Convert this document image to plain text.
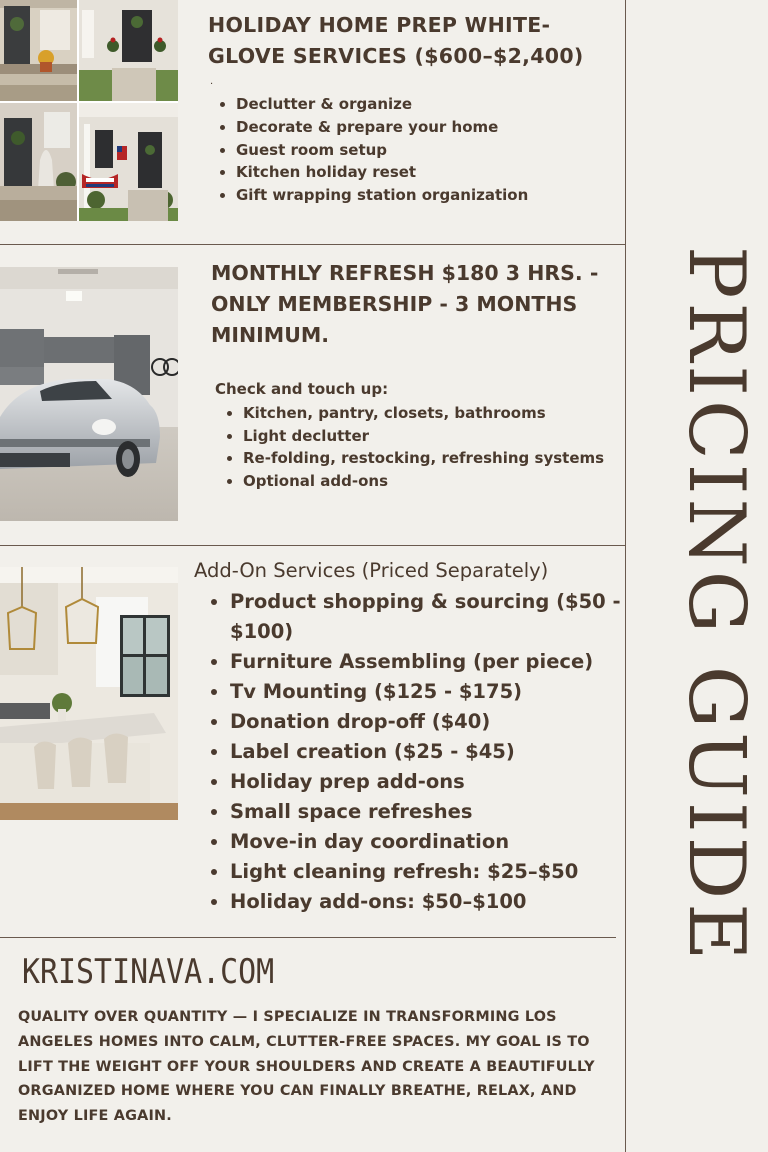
HOLIDAY HOME PREP WHITE-GLOVE SERVICES ($600–$2,400)
.
• Declutter & organize
• Decorate & prepare your home
• Guest room setup
• Kitchen holiday reset
• Gift wrapping station organization
MONTHLY REFRESH $180 3 HRS. - ONLY MEMBERSHIP - 3 MONTHS MINIMUM.
Check and touch up:
• Kitchen, pantry, closets, bathrooms
• Light declutter
• Re-folding, restocking, refreshing systems
• Optional add-ons
Add-On Services (Priced Separately)
• Product shopping & sourcing ($50 - $100)
• Furniture Assembling (per piece)
• Tv Mounting ($125 - $175)
• Donation drop-off ($40)
• Label creation ($25 - $45)
• Holiday prep add-ons
• Small space refreshes
• Move-in day coordination
• Light cleaning refresh: $25–$50
• Holiday add-ons: $50–$100
KRISTINAVA.COM
QUALITY OVER QUANTITY — I SPECIALIZE IN TRANSFORMING LOS ANGELES HOMES INTO CALM, CLUTTER-FREE SPACES. MY GOAL IS TO LIFT THE WEIGHT OFF YOUR SHOULDERS AND CREATE A BEAUTIFULLY ORGANIZED HOME WHERE YOU CAN FINALLY BREATHE, RELAX, AND ENJOY LIFE AGAIN.
PRICING GUIDE
